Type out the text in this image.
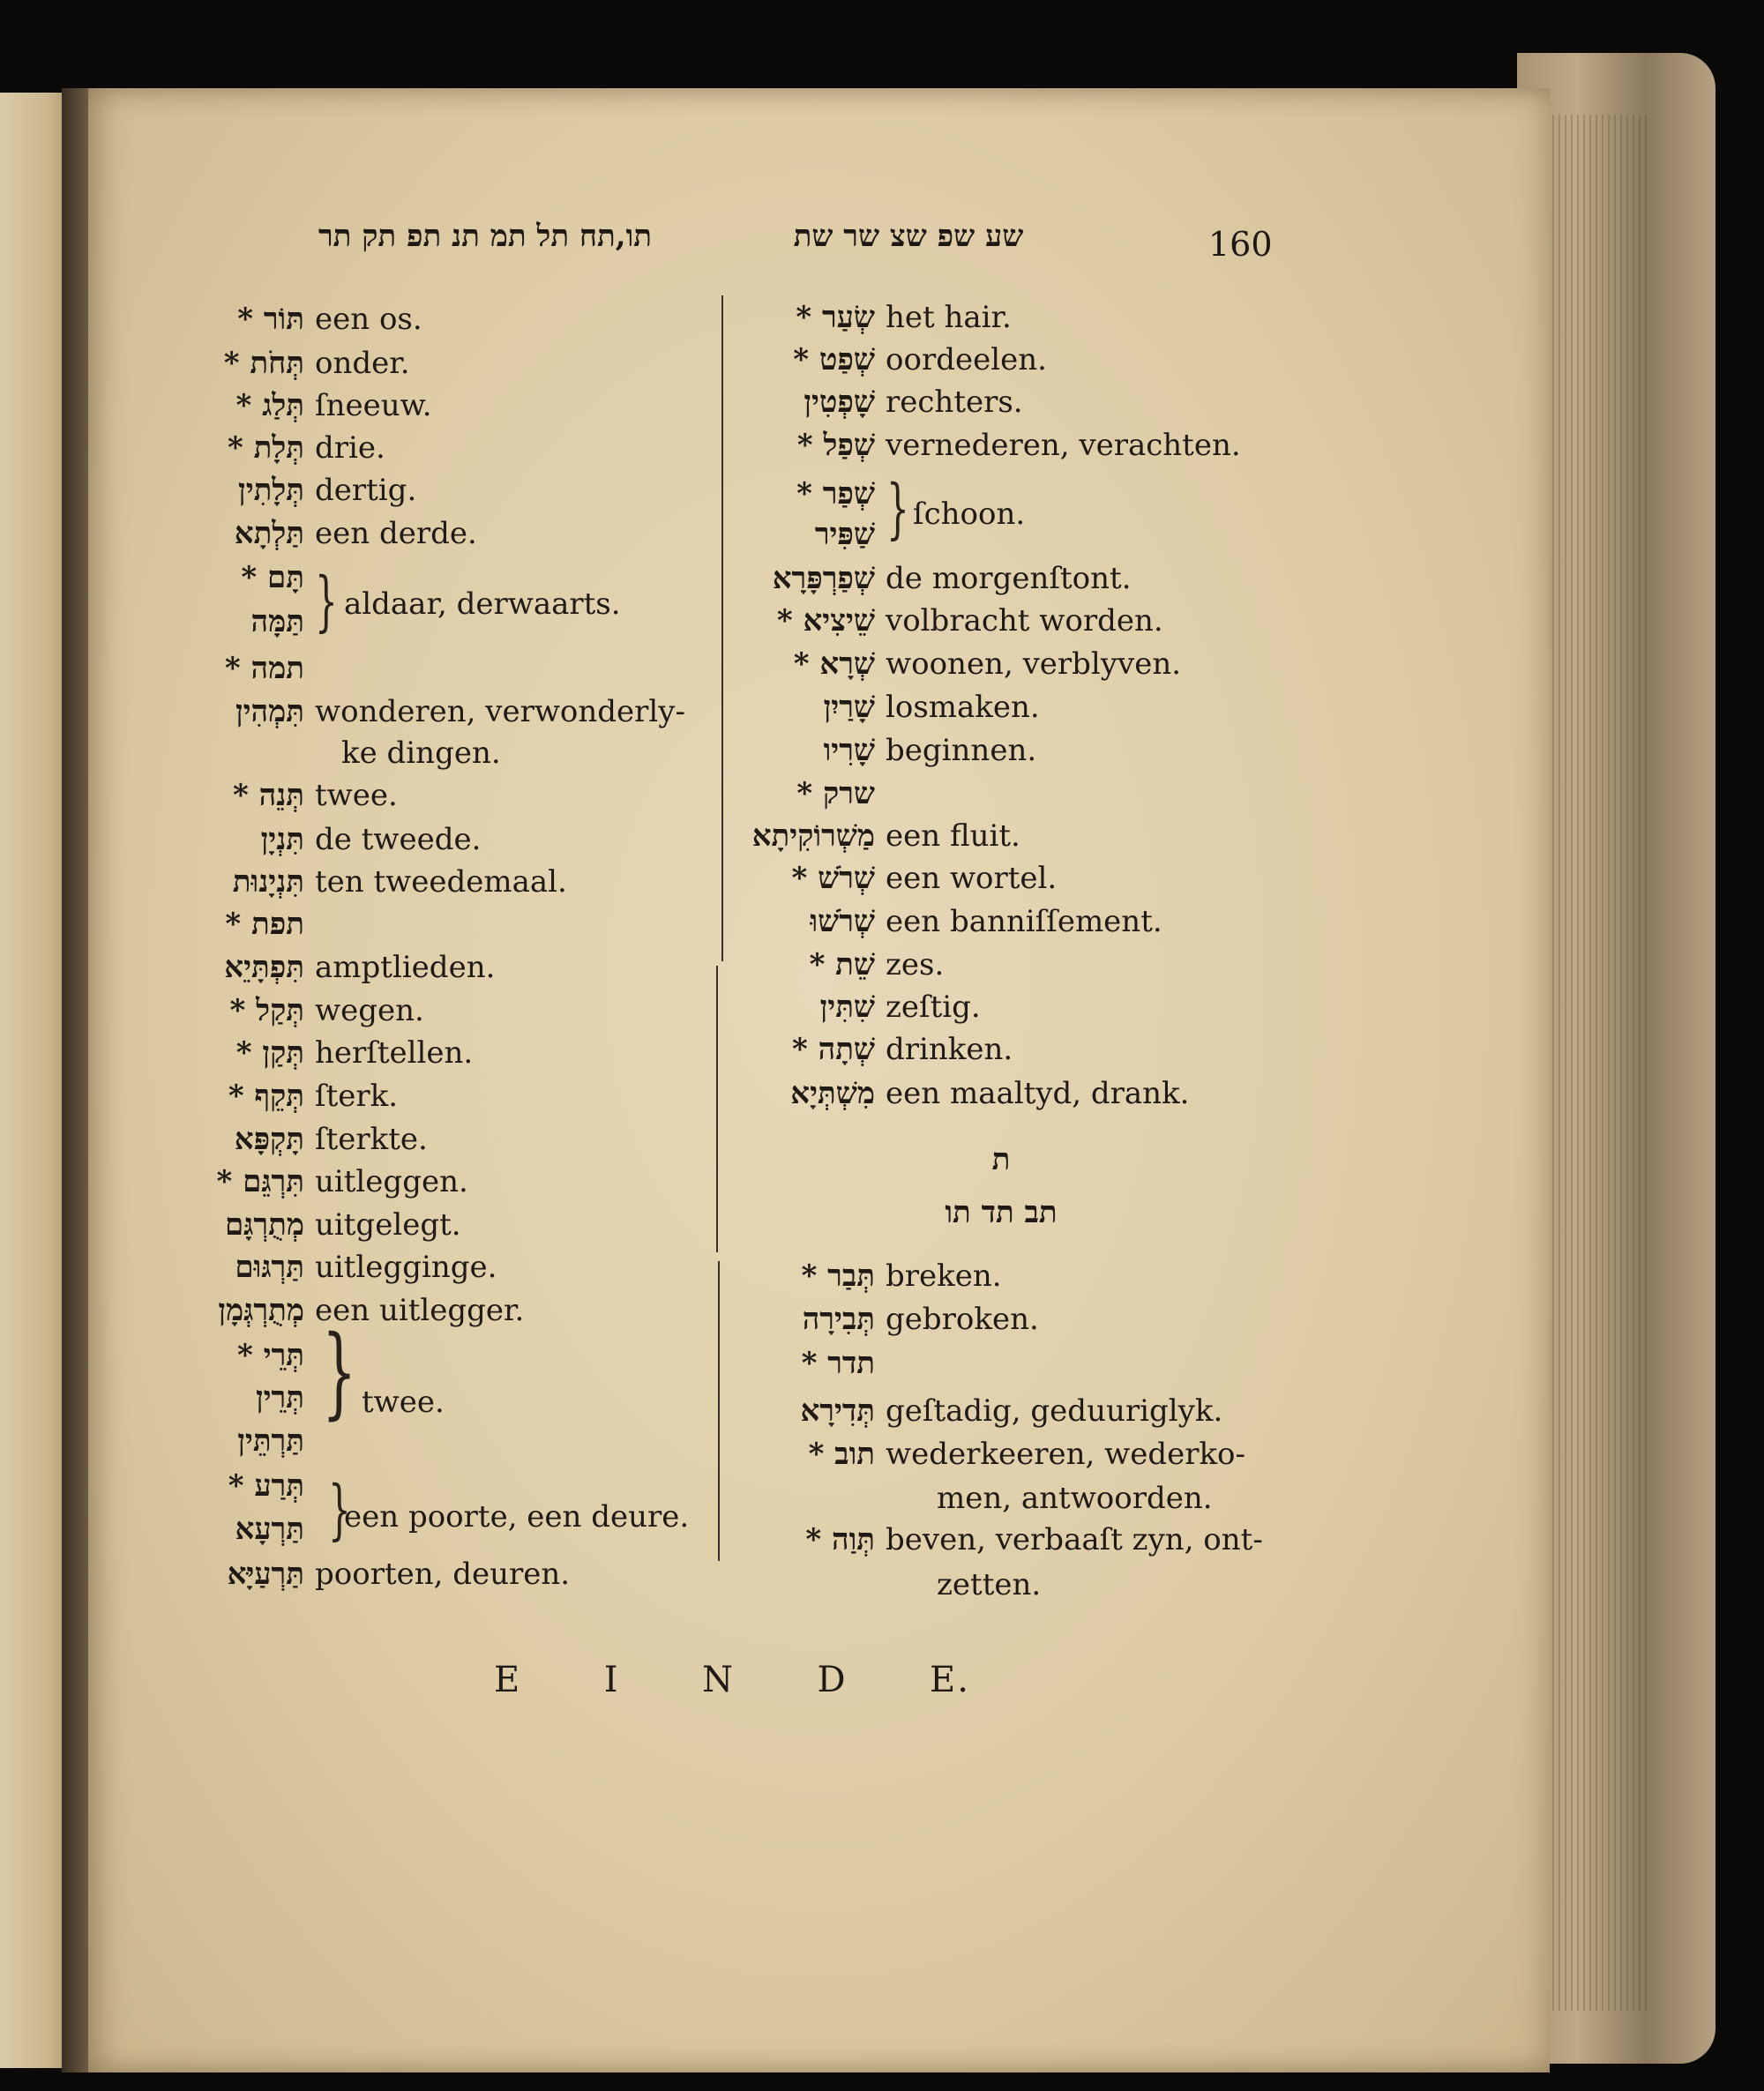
תו,תח תל תמ תנ תפ תק תר	שע שפ שצ שר שת	160
תּוֹר * een os.
תְּחֹת * onder.
תְּלַג * ſneeuw.
תְּלָת * drie.
תְּלָתִין dertig.
תַּלְתָא een derde.
תָּם *
תַּמָּה
תמה *
תִּמְהִין wonderen, verwonderly-
תְּנֵה * twee.
תִּנְיָן de tweede.
תִּנְיָנוּת ten tweedemaal.
תפת *
תִּפְתָּיֵא amptlieden.
תְּקַל * wegen.
תְּקַן * herſtellen.
תְּקֵף * ſterk.
תָּקְפָּא ſterkte.
תִּרְגֵּם * uitleggen.
מְתֻרְגָּם uitgelegt.
תַּרְגּוּם uitlegginge.
מְתֻרְגְּמָן een uitlegger.
תְּרֵי *
תְּרֵין
תַּרְתֵּין
תְּרַע *
תַּרְעָא
תַּרְעַיָּא poorten, deuren.
ke dingen.
} aldaar, derwaarts.
} twee.
}
een poorte, een deure.
שְׂעַר * het hair.
שְׁפַט * oordeelen.
שָׁפְטִין rechters.
שְׁפַל * vernederen, verachten.
שְׁפַר *
שַׁפִּיר
שְׁפַרְפָּרָא de morgenſtont.
שֵׁיצִיא * volbracht worden.
שְׁרָא * woonen, verblyven.
שָׁרַיִן losmaken.
שָׁרִיו beginnen.
שרק *
מַשְׁרוֹקִיתָא een fluit.
שְׁרֹשׁ * een wortel.
שְׁרֹשׁוּ een banniſſement.
שֵׁת * zes.
שִׁתִּין zeſtig.
שְׁתָה * drinken.
מִשְׁתְּיָא een maaltyd, drank.
} ſchoon.
ת
תב תד תו
תְּבַר * breken.
תְּבִירָה gebroken.
תדר *
תְּדִירָא geſtadig, geduuriglyk.
תוב * wederkeeren, wederko-
תְּוַה * beven, verbaaſt zyn, ont-
men, antwoorden.
zetten.
E I N D E.
